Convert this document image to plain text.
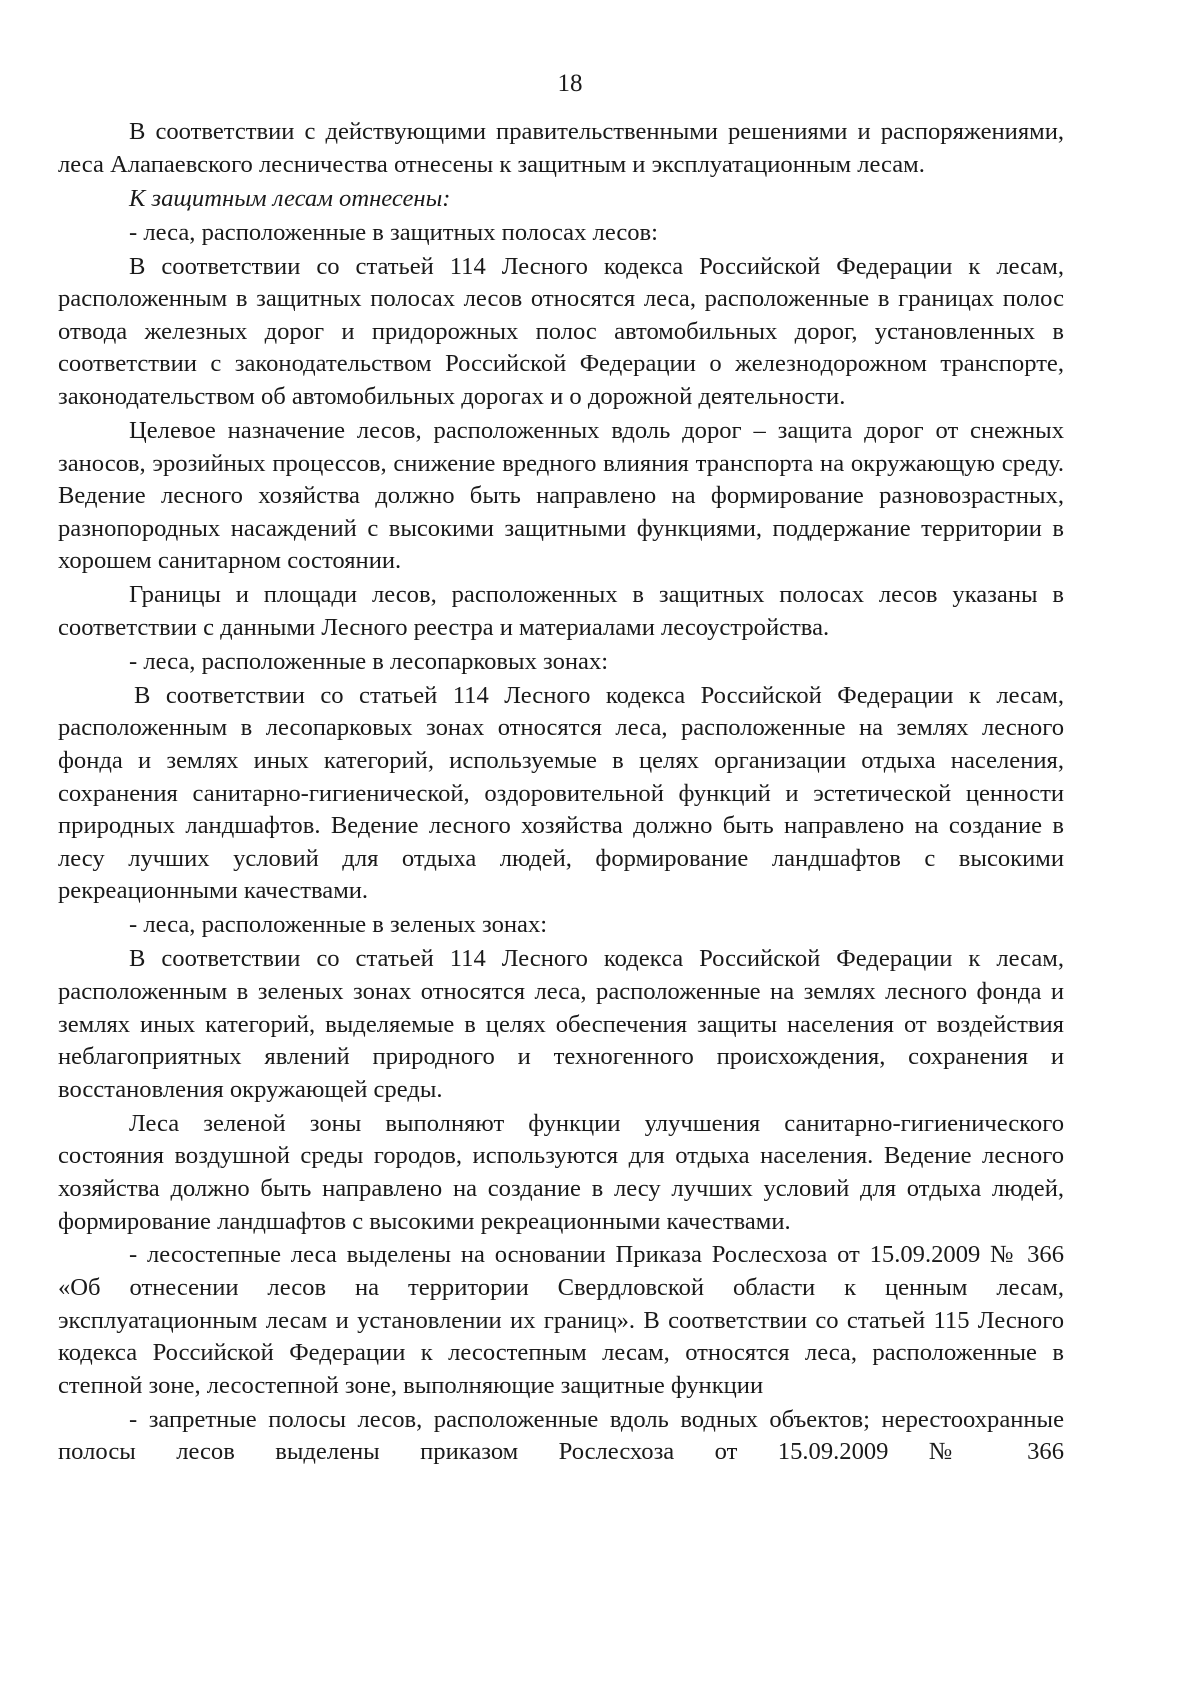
18

В соответствии с действующими правительственными решениями и распоряжениями, леса Алапаевского лесничества отнесены к защитным и эксплуатационным лесам.

К защитным лесам отнесены:

- леса, расположенные в защитных полосах лесов:

В соответствии со статьей 114 Лесного кодекса Российской Федерации к лесам, расположенным в защитных полосах лесов относятся леса, расположенные в границах полос отвода железных дорог и придорожных полос автомобильных дорог, установленных в соответствии с законодательством Российской Федерации о железнодорожном транспорте, законодательством об автомобильных дорогах и о дорожной деятельности.

Целевое назначение лесов, расположенных вдоль дорог – защита дорог от снежных заносов, эрозийных процессов, снижение вредного влияния транспорта на окружающую среду. Ведение лесного хозяйства должно быть направлено на формирование разновозрастных, разнопородных насаждений с высокими защитными функциями, поддержание территории в хорошем санитарном состоянии.

Границы и площади лесов, расположенных в защитных полосах лесов указаны в соответствии с данными Лесного реестра и материалами лесоустройства.

- леса, расположенные в лесопарковых зонах:

В соответствии со статьей 114 Лесного кодекса Российской Федерации к лесам, расположенным в лесопарковых зонах относятся леса, расположенные на землях лесного фонда и землях иных категорий, используемые в целях организации отдыха населения, сохранения санитарно-гигиенической, оздоровительной функций и эстетической ценности природных ландшафтов. Ведение лесного хозяйства должно быть направлено на создание в лесу лучших условий для отдыха людей, формирование ландшафтов с высокими рекреационными качествами.

- леса, расположенные в зеленых зонах:

В соответствии со статьей 114 Лесного кодекса Российской Федерации к лесам, расположенным в зеленых зонах относятся леса, расположенные на землях лесного фонда и землях иных категорий, выделяемые в целях обеспечения защиты населения от воздействия неблагоприятных явлений природного и техногенного происхождения, сохранения и восстановления окружающей среды.

Леса зеленой зоны выполняют функции улучшения санитарно-гигиенического состояния воздушной среды городов, используются для отдыха населения. Ведение лесного хозяйства должно быть направлено на создание в лесу лучших условий для отдыха людей, формирование ландшафтов с высокими рекреационными качествами.

- лесостепные леса выделены на основании Приказа Рослесхоза от 15.09.2009 № 366 «Об отнесении лесов на территории Свердловской области к ценным лесам, эксплуатационным лесам и установлении их границ». В соответствии со статьей 115 Лесного кодекса Российской Федерации к лесостепным лесам, относятся леса, расположенные в степной зоне, лесостепной зоне, выполняющие защитные функции

- запретные полосы лесов, расположенные вдоль водных объектов; нерестоохранные полосы лесов выделены приказом Рослесхоза от 15.09.2009 № 366
